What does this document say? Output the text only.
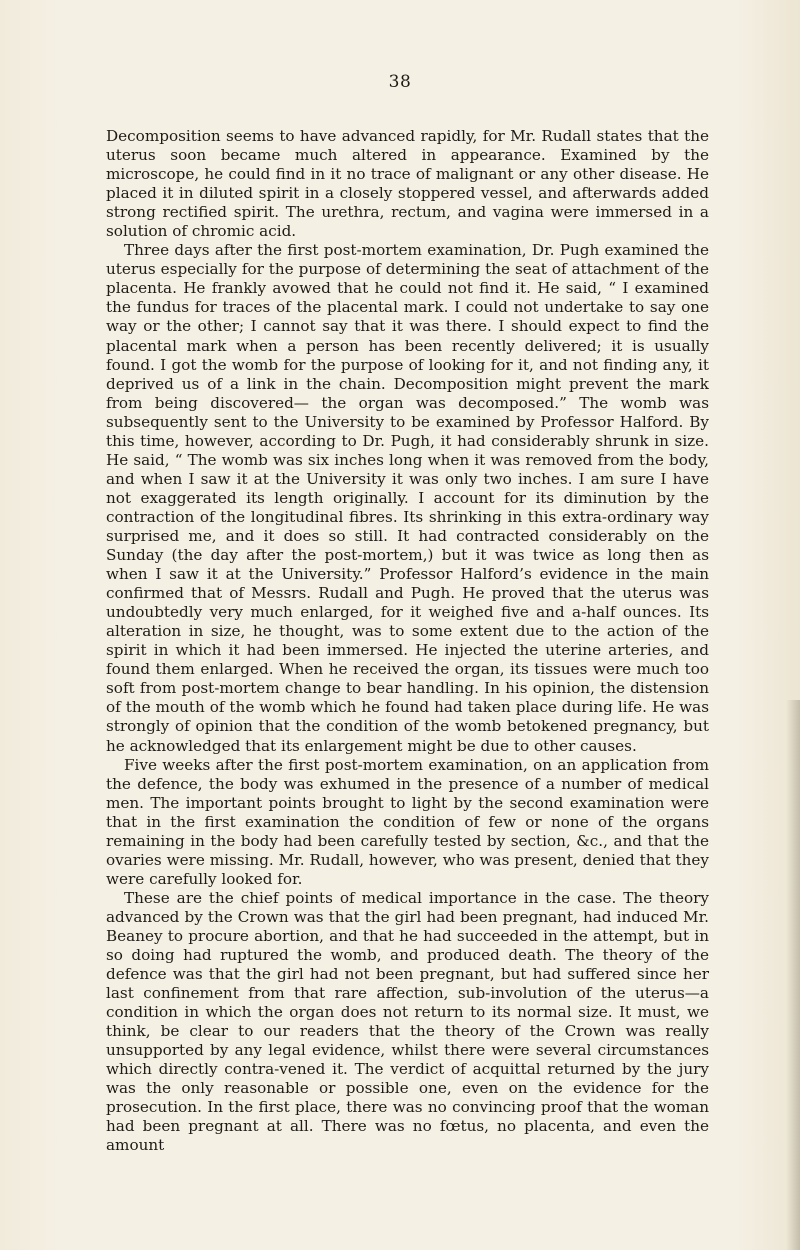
38

Decomposition seems to have advanced rapidly, for Mr. Rudall states that the uterus soon became much altered in appearance. Examined by the microscope, he could find in it no trace of malignant or any other disease. He placed it in diluted spirit in a closely stoppered vessel, and afterwards added strong rectified spirit. The urethra, rectum, and vagina were immersed in a solution of chromic acid.

Three days after the first post-mortem examination, Dr. Pugh examined the uterus especially for the purpose of determining the seat of attachment of the placenta. He frankly avowed that he could not find it. He said, “ I examined the fundus for traces of the placental mark. I could not undertake to say one way or the other; I cannot say that it was there. I should expect to find the placental mark when a person has been recently delivered; it is usually found. I got the womb for the purpose of looking for it, and not finding any, it deprived us of a link in the chain. Decomposition might prevent the mark from being discovered— the organ was decomposed.” The womb was subsequently sent to the University to be examined by Professor Halford. By this time, however, according to Dr. Pugh, it had considerably shrunk in size. He said, “ The womb was six inches long when it was removed from the body, and when I saw it at the University it was only two inches. I am sure I have not exaggerated its length originally. I account for its diminution by the contraction of the longitudinal fibres. Its shrinking in this extra-ordinary way surprised me, and it does so still. It had contracted considerably on the Sunday (the day after the post-mortem,) but it was twice as long then as when I saw it at the University.” Professor Halford’s evidence in the main confirmed that of Messrs. Rudall and Pugh. He proved that the uterus was undoubtedly very much enlarged, for it weighed five and a-half ounces. Its alteration in size, he thought, was to some extent due to the action of the spirit in which it had been immersed. He injected the uterine arteries, and found them enlarged. When he received the organ, its tissues were much too soft from post-mortem change to bear handling. In his opinion, the distension of the mouth of the womb which he found had taken place during life. He was strongly of opinion that the condition of the womb betokened pregnancy, but he acknowledged that its enlargement might be due to other causes.

Five weeks after the first post-mortem examination, on an application from the defence, the body was exhumed in the presence of a number of medical men. The important points brought to light by the second examination were that in the first examination the condition of few or none of the organs remaining in the body had been carefully tested by section, &c., and that the ovaries were missing. Mr. Rudall, however, who was present, denied that they were carefully looked for.

These are the chief points of medical importance in the case. The theory advanced by the Crown was that the girl had been pregnant, had induced Mr. Beaney to procure abortion, and that he had succeeded in the attempt, but in so doing had ruptured the womb, and produced death. The theory of the defence was that the girl had not been pregnant, but had suffered since her last confinement from that rare affection, sub-involution of the uterus—a condition in which the organ does not return to its normal size. It must, we think, be clear to our readers that the theory of the Crown was really unsupported by any legal evidence, whilst there were several circumstances which directly contra-vened it. The verdict of acquittal returned by the jury was the only reasonable or possible one, even on the evidence for the prosecution. In the first place, there was no convincing proof that the woman had been pregnant at all. There was no fœtus, no placenta, and even the amount
